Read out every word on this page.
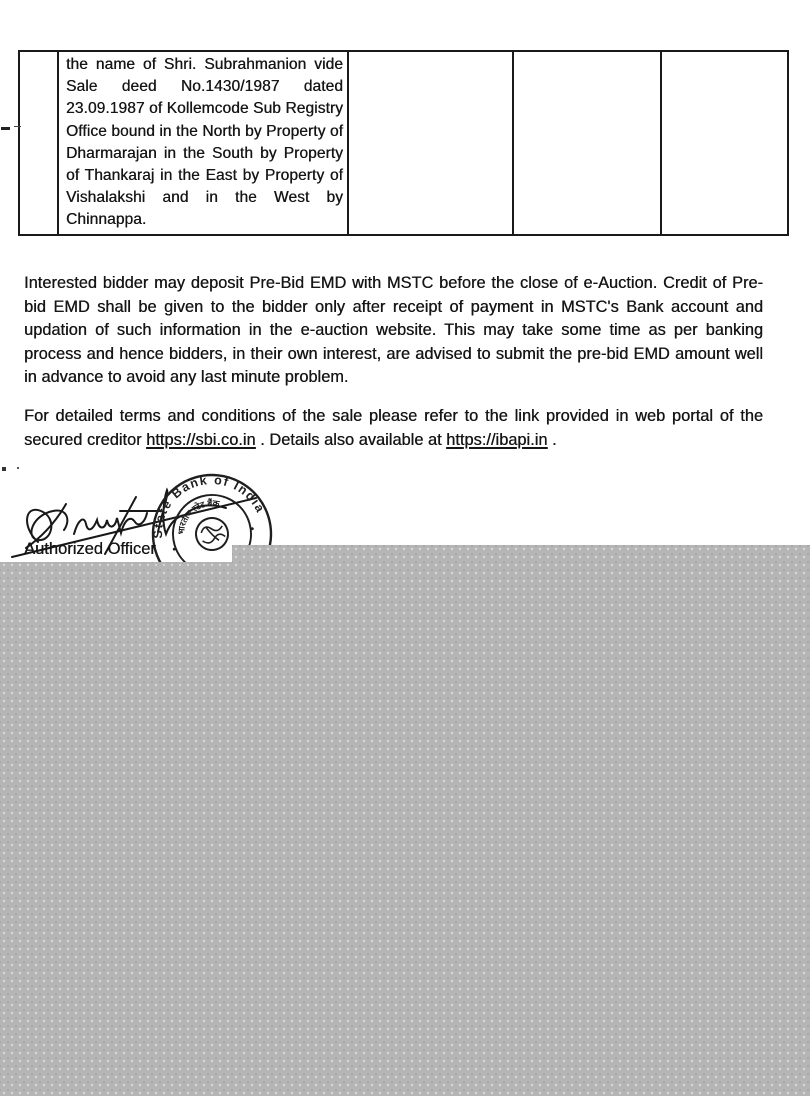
the name of Shri. Subrahmanion vide Sale deed No.1430/1987 dated 23.09.1987 of Kollemcode Sub Registry Office bound in the North by Property of Dharmarajan in the South by Property of Thankaraj in the East by Property of Vishalakshi and in the West by Chinnappa.

Interested bidder may deposit Pre-Bid EMD with MSTC before the close of e-Auction. Credit of Pre-bid EMD shall be given to the bidder only after receipt of payment in MSTC's Bank account and updation of such information in the e-auction website. This may take some time as per banking process and hence bidders, in their own interest, are advised to submit the pre-bid EMD amount well in advance to avoid any last minute problem.

For detailed terms and conditions of the sale please refer to the link provided in web portal of the secured creditor https://sbi.co.in . Details also available at https://ibapi.in .

State Bank of India
भारतीय स्टेट बैंक
•
•
Authorized Officer
